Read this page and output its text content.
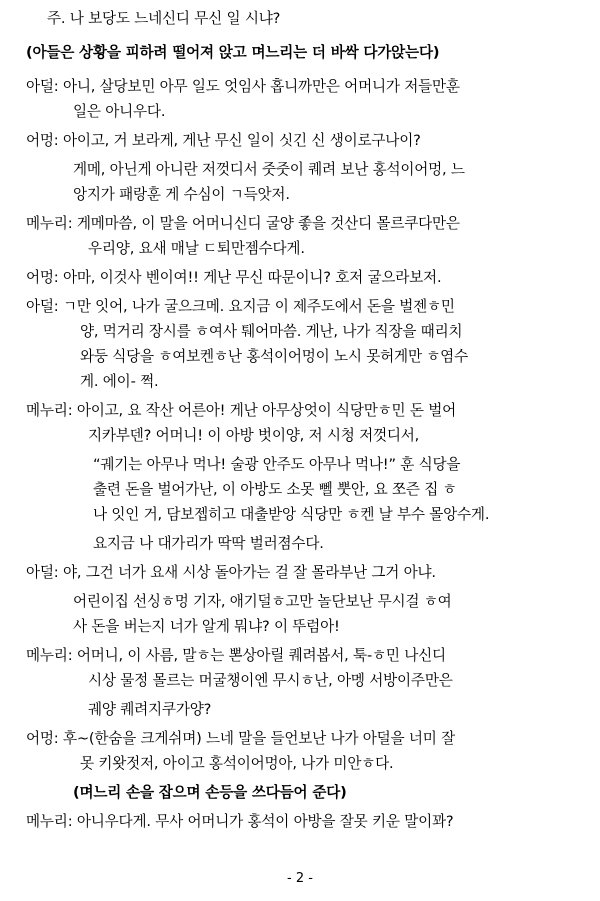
주. 나 보당도 느네신디 무신 일 시냐?
(아들은 상황을 피하려 떨어져 앉고 며느리는 더 바싹 다가앉는다)
아덜: 아니, 살당보민 아무 일도 엇임사 홉니까만은 어머니가 저들만훈
일은 아니우다.
어멍: 아이고, 거 보라게, 게난 무신 일이 싯긴 신 생이로구나이?
게메, 아닌게 아니란 저껏디서 줏줏이 퀘려 보난 홍석이어멍, 느
앙지가 패랑훈 게 수심이 ㄱ득앗저.
메누리: 게메마씀, 이 말을 어머니신디 굴양 좋을 것산디 몰르쿠다만은
우리양, 요새 매날 ㄷ퇴만젬수다게.
어멍: 아마, 이것사 벤이여!! 게난 무신 따문이니? 호저 굴으라보저.
아덜: ㄱ만 잇어, 나가 굴으크메. 요지금 이 제주도에서 돈을 벌젠ㅎ민
양, 먹거리 장시를 ㅎ여사 퉤어마씀. 게난, 나가 직장을 때리치
와둥 식당을 ㅎ여보켄ㅎ난 홍석이어멍이 노시 못허게만 ㅎ염수
게. 에이- 쩍.
메누리: 아이고, 요 작산 어른아! 게난 아무상엇이 식당만ㅎ민 돈 벌어
지카부덴? 어머니! 이 아방 벗이양, 저 시청 저껏디서,
“궤기는 아무나 먹나! 술광 안주도 아무나 먹나!” 훈 식당을
출련 돈을 벌어가난, 이 아방도 소못 뻴 뿟안, 요 쪼즌 집 ㅎ
나 잇인 거, 담보젭히고 대출받앙 식당만 ㅎ켄 날 부수 몰앙수게.
요지금 나 대가리가 딱딱 벌러졈수다.
아덜: 야, 그건 너가 요새 시상 돌아가는 걸 잘 몰라부난 그거 아냐.
어린이집 선싱ㅎ멍 기자, 애기덜ㅎ고만 놀단보난 무시걸 ㅎ여
사 돈을 버는지 너가 알게 뭐냐? 이 뚜럼아!
메누리: 어머니, 이 사름, 말ㅎ는 뽄상아릴 퀘려봅서, 툭-ㅎ민 나신디
시상 물정 몰르는 머굴챙이엔 무시ㅎ난, 아멩 서방이주만은
궤양 퀘려지쿠가양?
어멍: 후~(한숨을 크게쉬며) 느네 말을 들언보난 나가 아덜을 너미 잘
못 키왓젓저, 아이고 홍석이어멍아, 나가 미안ㅎ다.
(며느리 손을 잡으며 손등을 쓰다듬어 준다)
메누리: 아니우다게. 무사 어머니가 홍석이 아방을 잘못 키운 말이꽈?
- 2 -
